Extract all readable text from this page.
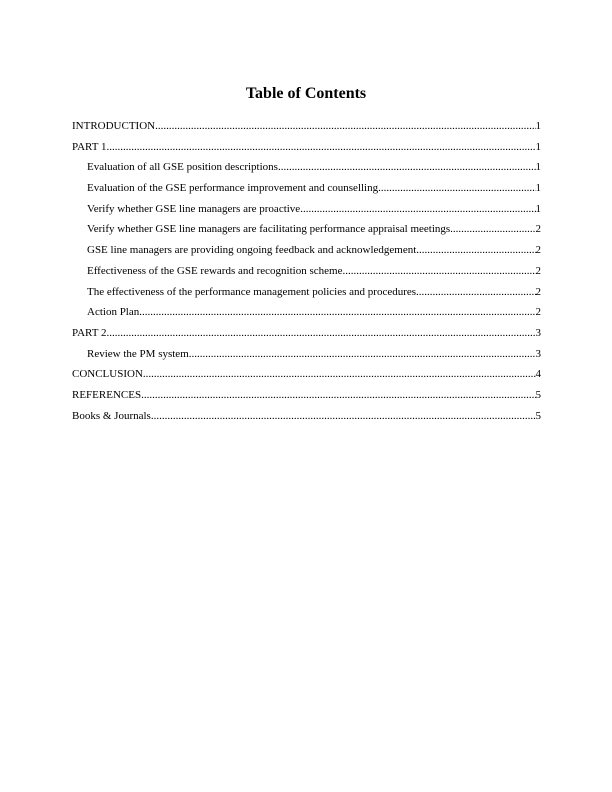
Table of Contents
INTRODUCTION .....	1
PART 1 .....	1
Evaluation of all GSE position descriptions .....	1
Evaluation of the GSE performance improvement and counselling .....	1
Verify whether GSE line managers are proactive .....	1
Verify whether GSE line managers are facilitating performance appraisal meetings .....	2
GSE line managers are providing ongoing feedback and acknowledgement .....	2
Effectiveness of the GSE rewards and recognition scheme .....	2
The effectiveness of the performance management policies and procedures .....	2
Action Plan .....	2
PART 2 .....	3
Review the PM system .....	3
CONCLUSION .....	4
REFERENCES .....	5
Books & Journals .....	5
